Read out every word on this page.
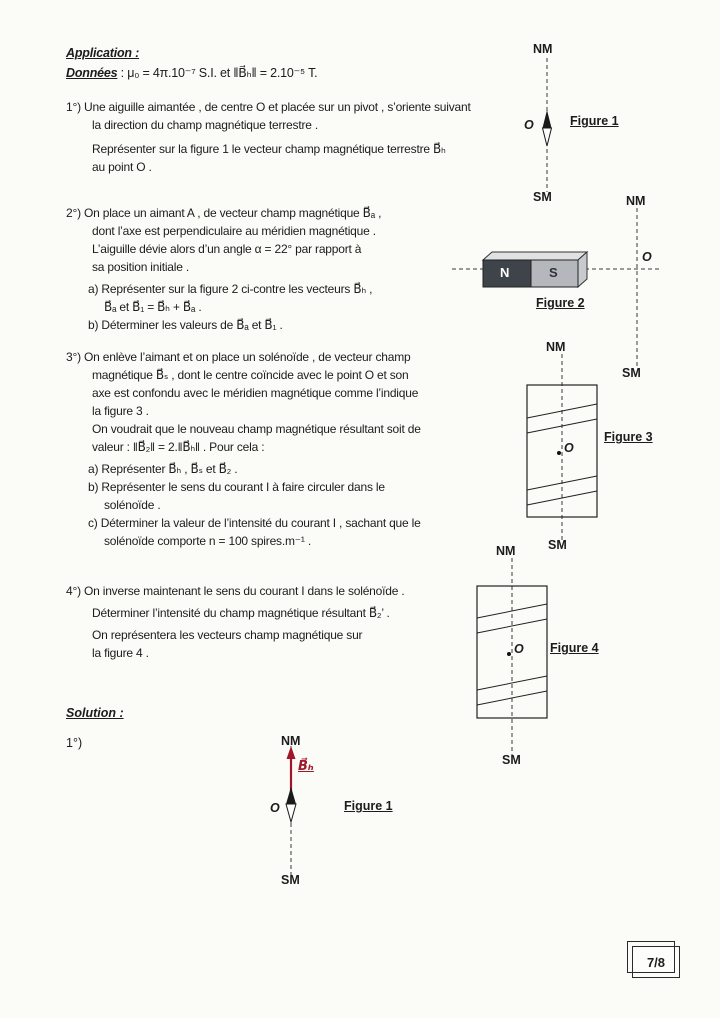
Application :
Données : μ₀ = 4π.10⁻⁷ S.I. et ‖B⃗ₕ‖ = 2.10⁻⁵ T.
1°) Une aiguille aimantée , de centre O et placée sur un pivot , s’oriente suivant
la direction du champ magnétique terrestre .
Représenter sur la figure 1 le vecteur champ magnétique terrestre B⃗ₕ
au point O .
2°) On place un aimant A , de vecteur champ magnétique B⃗ₐ ,
dont l’axe est perpendiculaire au méridien magnétique .
L’aiguille dévie alors d’un angle α = 22° par rapport à
sa position initiale .
a) Représenter sur la figure 2 ci-contre les vecteurs B⃗ₕ ,
B⃗ₐ et B⃗₁ = B⃗ₕ + B⃗ₐ .
b) Déterminer les valeurs de B⃗ₐ et B⃗₁ .
3°) On enlève l’aimant et on place un solénoïde , de vecteur champ
magnétique B⃗ₛ , dont le centre coïncide avec le point O et son
axe est confondu avec le méridien magnétique comme l’indique
la figure 3 .
On voudrait que le nouveau champ magnétique résultant soit de
valeur : ‖B⃗₂‖ = 2.‖B⃗ₕ‖ . Pour cela :
a) Représenter B⃗ₕ , B⃗ₛ et B⃗₂ .
b) Représenter le sens du courant I à faire circuler dans le
solénoïde .
c) Déterminer la valeur de l’intensité du courant I , sachant que le
solénoïde comporte n = 100 spires.m⁻¹ .
4°) On inverse maintenant le sens du courant I dans le solénoïde .
Déterminer l’intensité du champ magnétique résultant B⃗₂’ .
On représentera les vecteurs champ magnétique sur
la figure 4 .
Solution :
1°)
NM
O	Figure 1
SM
N	S
NM
O
Figure 2
SM
NM
O
Figure 3
SM
NM
O Figure 4
SM
NM
B⃗ₕ
O	Figure 1
SM
7/8
